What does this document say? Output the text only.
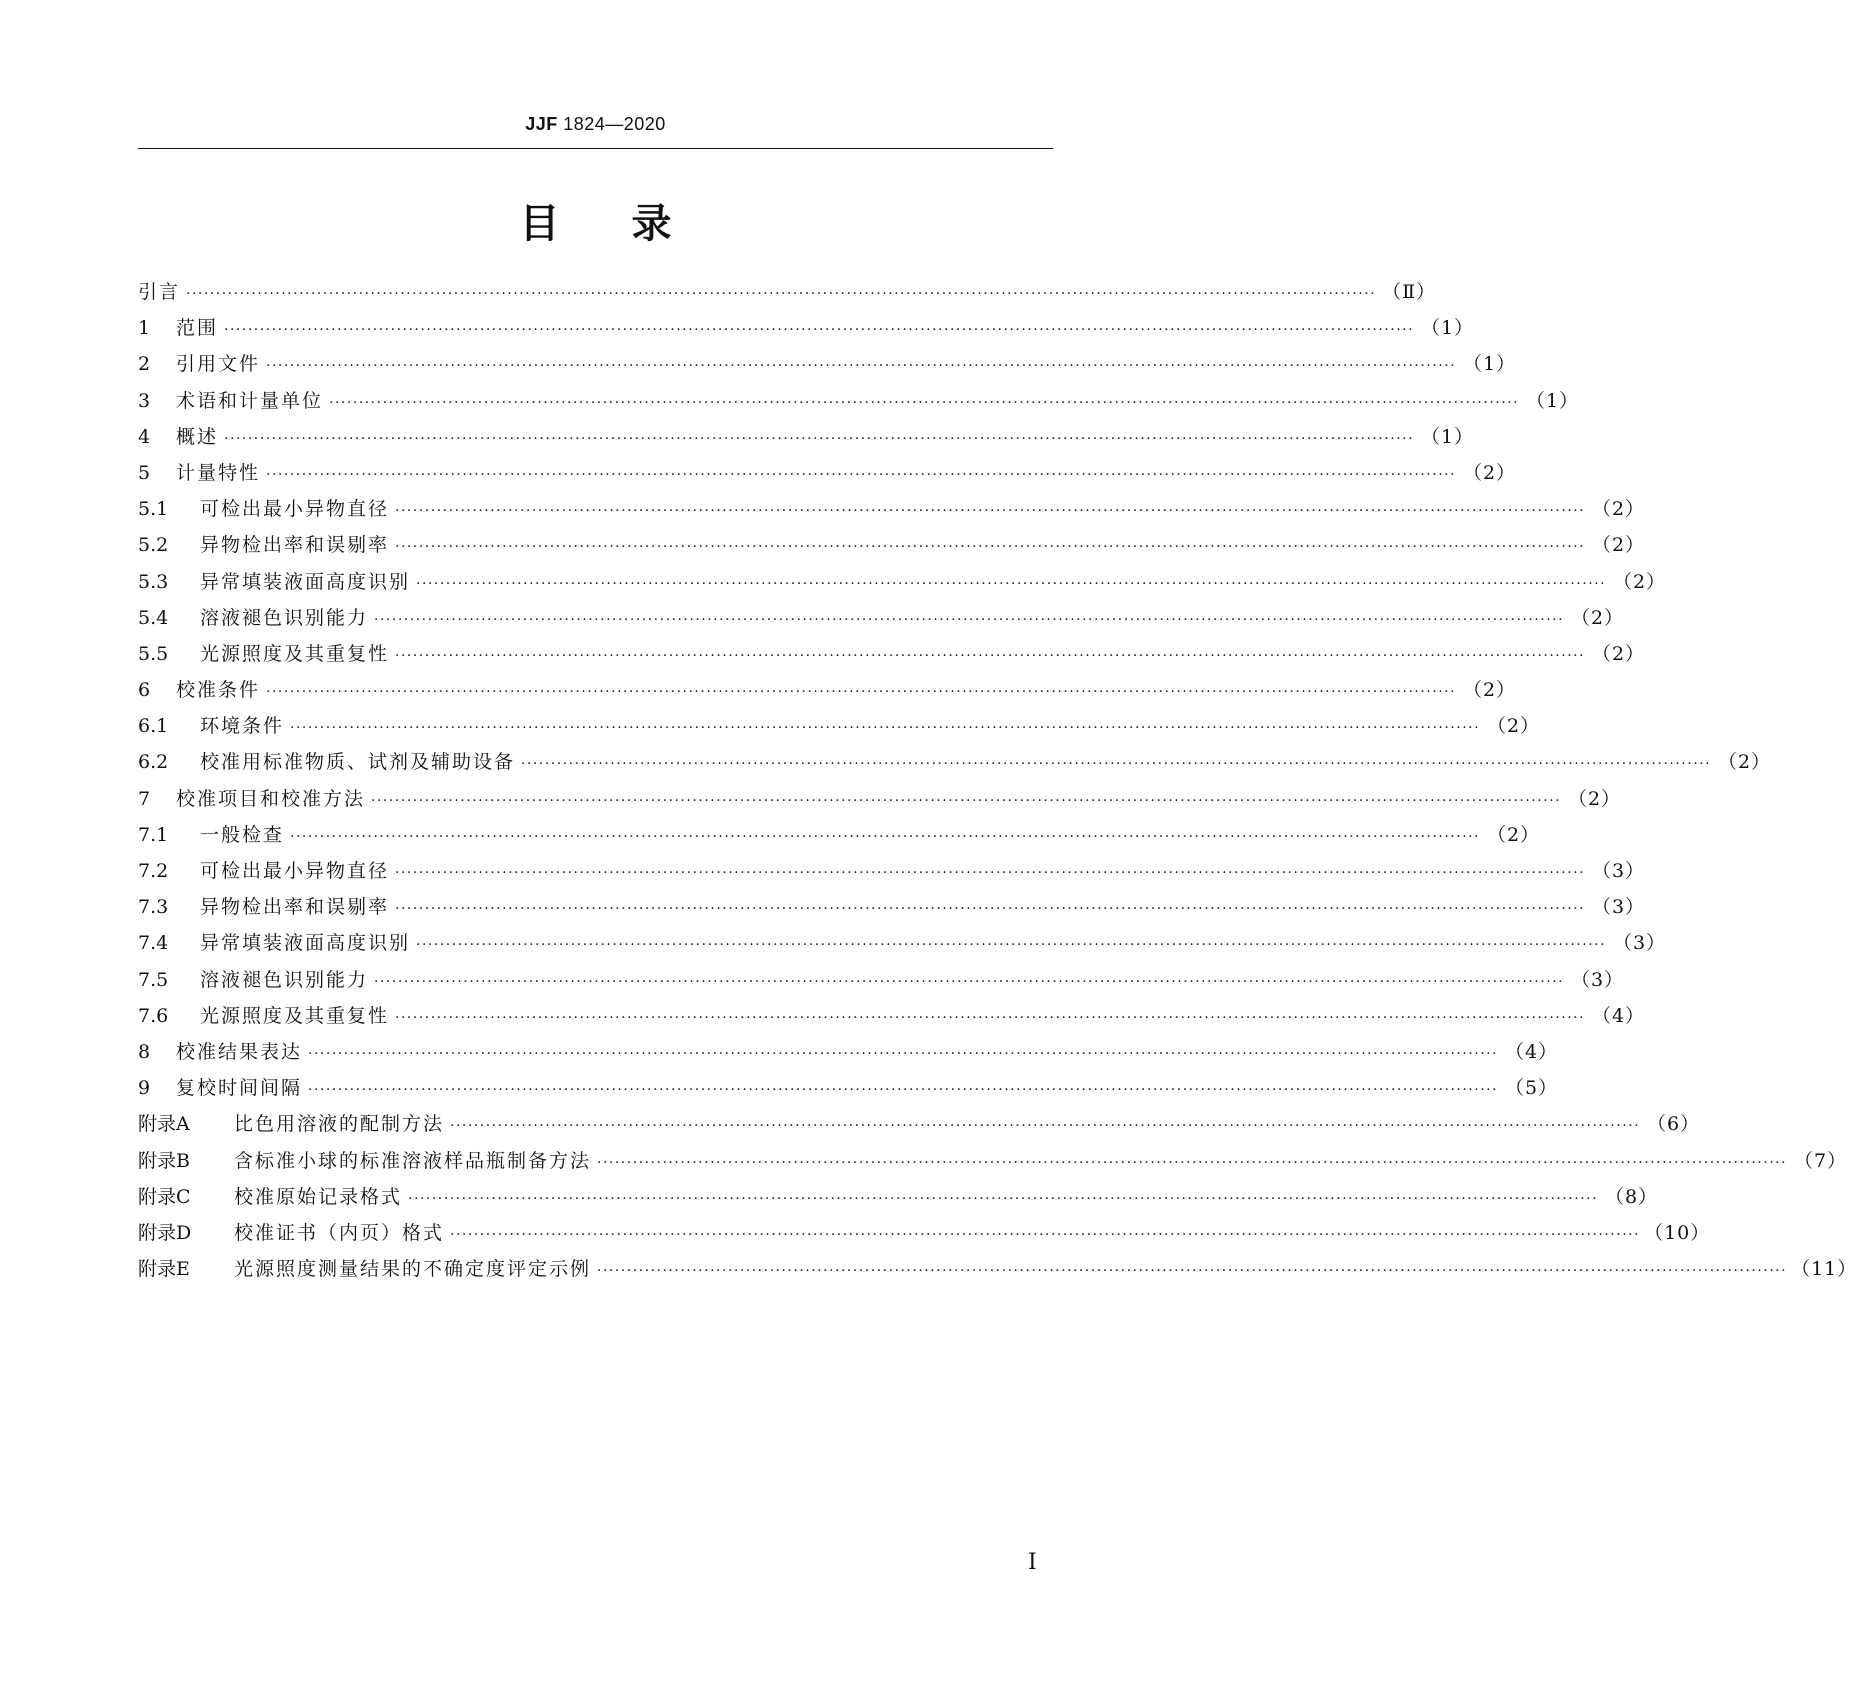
JJF 1824—2020
目录
引言 ········································································································································································································ （Ⅱ）
1	范围 ········································································································································································································ （1）
2	引用文件 ········································································································································································································ （1）
3	术语和计量单位 ········································································································································································································ （1）
4	概述 ········································································································································································································ （1）
5	计量特性 ········································································································································································································ （2）
5.1	可检出最小异物直径 ········································································································································································································ （2）
5.2	异物检出率和误剔率 ········································································································································································································ （2）
5.3	异常填装液面高度识别 ········································································································································································································ （2）
5.4	溶液褪色识别能力 ········································································································································································································ （2）
5.5	光源照度及其重复性 ········································································································································································································ （2）
6	校准条件 ········································································································································································································ （2）
6.1	环境条件 ········································································································································································································ （2）
6.2	校准用标准物质、试剂及辅助设备 ········································································································································································································ （2）
7	校准项目和校准方法 ········································································································································································································ （2）
7.1	一般检查 ········································································································································································································ （2）
7.2	可检出最小异物直径 ········································································································································································································ （3）
7.3	异物检出率和误剔率 ········································································································································································································ （3）
7.4	异常填装液面高度识别 ········································································································································································································ （3）
7.5	溶液褪色识别能力 ········································································································································································································ （3）
7.6	光源照度及其重复性 ········································································································································································································ （4）
8	校准结果表达 ········································································································································································································ （4）
9	复校时间间隔 ········································································································································································································ （5）
附录A	比色用溶液的配制方法 ········································································································································································································ （6）
附录B	含标准小球的标准溶液样品瓶制备方法 ········································································································································································································ （7）
附录C	校准原始记录格式 ········································································································································································································ （8）
附录D	校准证书（内页）格式 ········································································································································································································ （10）
附录E	光源照度测量结果的不确定度评定示例 ········································································································································································································ （11）
Ⅰ
